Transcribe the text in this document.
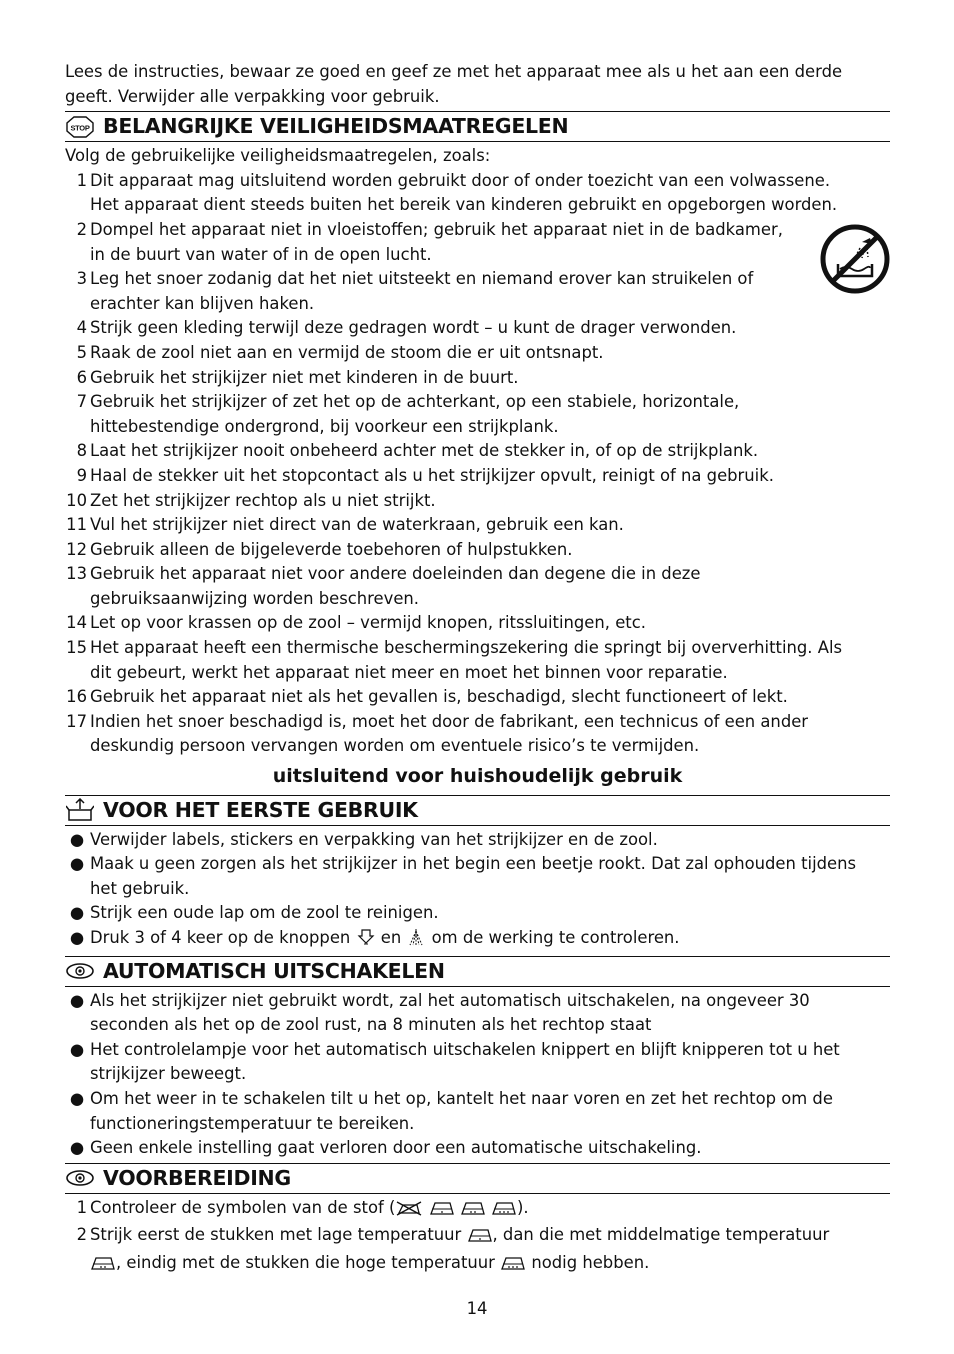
Lees de instructies, bewaar ze goed en geef ze met het apparaat mee als u het aan een derde geeft. Verwijder alle verpakking voor gebruik.

STOP BELANGRIJKE VEILIGHEIDSMAATREGELEN

Volg de gebruikelijke veiligheidsmaatregelen, zoals:

1 Dit apparaat mag uitsluitend worden gebruikt door of onder toezicht van een volwassene.
Het apparaat dient steeds buiten het bereik van kinderen gebruikt en opgeborgen worden.
2 Dompel het apparaat niet in vloeistoffen; gebruik het apparaat niet in de badkamer,
in de buurt van water of in de open lucht.
3 Leg het snoer zodanig dat het niet uitsteekt en niemand erover kan struikelen of
erachter kan blijven haken.
4 Strijk geen kleding terwijl deze gedragen wordt – u kunt de drager verwonden.
5 Raak de zool niet aan en vermijd de stoom die er uit ontsnapt.
6 Gebruik het strijkijzer niet met kinderen in de buurt.
7 Gebruik het strijkijzer of zet het op de achterkant, op een stabiele, horizontale,
hittebestendige ondergrond, bij voorkeur een strijkplank.
8 Laat het strijkijzer nooit onbeheerd achter met de stekker in, of op de strijkplank.
9 Haal de stekker uit het stopcontact als u het strijkijzer opvult, reinigt of na gebruik.
10 Zet het strijkijzer rechtop als u niet strijkt.
11 Vul het strijkijzer niet direct van de waterkraan, gebruik een kan.
12 Gebruik alleen de bijgeleverde toebehoren of hulpstukken.
13 Gebruik het apparaat niet voor andere doeleinden dan degene die in deze
gebruiksaanwijzing worden beschreven.
14 Let op voor krassen op de zool – vermijd knopen, ritssluitingen, etc.
15 Het apparaat heeft een thermische beschermingszekering die springt bij oververhitting. Als
dit gebeurt, werkt het apparaat niet meer en moet het binnen voor reparatie.
16 Gebruik het apparaat niet als het gevallen is, beschadigd, slecht functioneert of lekt.
17 Indien het snoer beschadigd is, moet het door de fabrikant, een technicus of een ander
deskundig persoon vervangen worden om eventuele risico’s te vermijden.
uitsluitend voor huishoudelijk gebruik
VOOR HET EERSTE GEBRUIK
● Verwijder labels, stickers en verpakking van het strijkijzer en de zool.
● Maak u geen zorgen als het strijkijzer in het begin een beetje rookt. Dat zal ophouden tijdens
het gebruik.
● Strijk een oude lap om de zool te reinigen.
● Druk 3 of 4 keer op de knoppen en om de werking te controleren.
AUTOMATISCH UITSCHAKELEN
● Als het strijkijzer niet gebruikt wordt, zal het automatisch uitschakelen, na ongeveer 30
seconden als het op de zool rust, na 8 minuten als het rechtop staat
● Het controlelampje voor het automatisch uitschakelen knippert en blijft knipperen tot u het
strijkijzer beweegt.
● Om het weer in te schakelen tilt u het op, kantelt het naar voren en zet het rechtop om de
functioneringstemperatuur te bereiken.
● Geen enkele instelling gaat verloren door een automatische uitschakeling.
VOORBEREIDING
1 Controleer de symbolen van de stof (	).
2 Strijk eerst de stukken met lage temperatuur , dan die met middelmatige temperatuur
, eindig met de stukken die hoge temperatuur nodig hebben.
14
